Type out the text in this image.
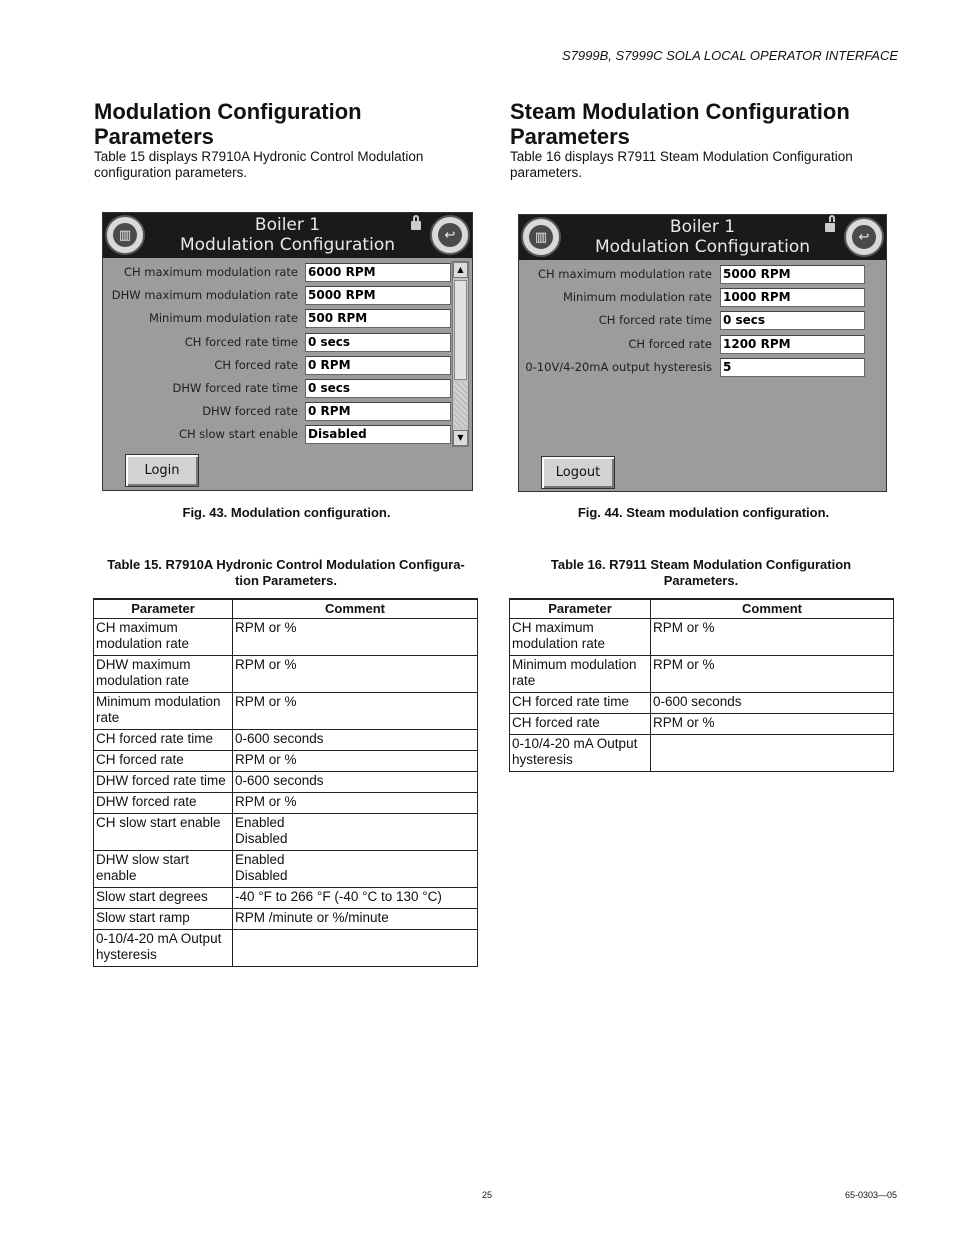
S7999B, S7999C SOLA LOCAL OPERATOR INTERFACE
Modulation Configuration
Parameters

Table 15 displays R7910A Hydronic Control Modulation
configuration parameters.

▥	Boiler 1
Modulation Configuration	↩
CH maximum modulation rate 6000 RPM
DHW maximum modulation rate 5000 RPM
Minimum modulation rate 500 RPM
CH forced rate time 0 secs
CH forced rate 0 RPM
DHW forced rate time 0 secs
DHW forced rate 0 RPM
CH slow start enable Disabled
▲
▼
Login
Fig. 43. Modulation configuration.
Table 15. R7910A Hydronic Control Modulation Configura-
tion Parameters.
Parameter	Comment

CH maximum
modulation rate	RPM or %

DHW maximum
modulation rate	RPM or %

Minimum modulation
rate	RPM or %

CH forced rate time	0-600 seconds

CH forced rate	RPM or %

DHW forced rate time	0-600 seconds

DHW forced rate	RPM or %

CH slow start enable	Enabled
Disabled

DHW slow start
enable	Enabled
Disabled

Slow start degrees	-40 °F to 266 °F (-40 °C to 130 °C)

Slow start ramp	RPM /minute or %/minute

0-10/4-20 mA Output
hysteresis	

Steam Modulation Configuration
Parameters

Table 16 displays R7911 Steam Modulation Configuration
parameters.

▥	Boiler 1
Modulation Configuration	↩
CH maximum modulation rate 5000 RPM
Minimum modulation rate 1000 RPM
CH forced rate time 0 secs
CH forced rate 1200 RPM
0-10V/4-20mA output hysteresis 5
Logout
Fig. 44. Steam modulation configuration.
Table 16. R7911 Steam Modulation Configuration
Parameters.
Parameter	Comment

CH maximum
modulation rate	RPM or %

Minimum modulation
rate	RPM or %

CH forced rate time	0-600 seconds

CH forced rate	RPM or %

0-10/4-20 mA Output
hysteresis	

25	65-0303—05
